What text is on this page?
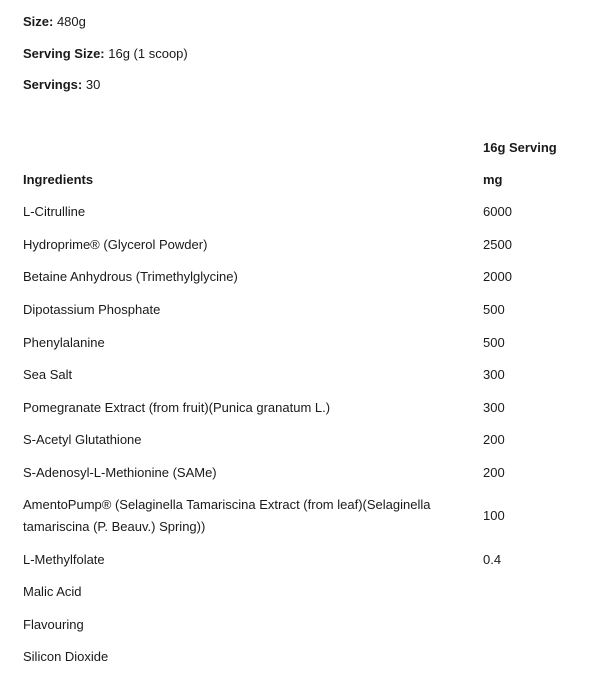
Size: 480g

Serving Size: 16g (1 scoop)

Servings: 30

	16g Serving
Ingredients	mg
L-Citrulline	6000
Hydroprime® (Glycerol Powder)	2500
Betaine Anhydrous (Trimethylglycine)	2000
Dipotassium Phosphate	500
Phenylalanine	500
Sea Salt	300
Pomegranate Extract (from fruit)(Punica granatum L.)	300
S-Acetyl Glutathione	200
S-Adenosyl-L-Methionine (SAMe)	200
AmentoPump® (Selaginella Tamariscina Extract (from leaf)(Selaginella tamariscina (P. Beauv.) Spring))	100
L-Methylfolate	0.4
Malic Acid	
Flavouring	
Silicon Dioxide	
